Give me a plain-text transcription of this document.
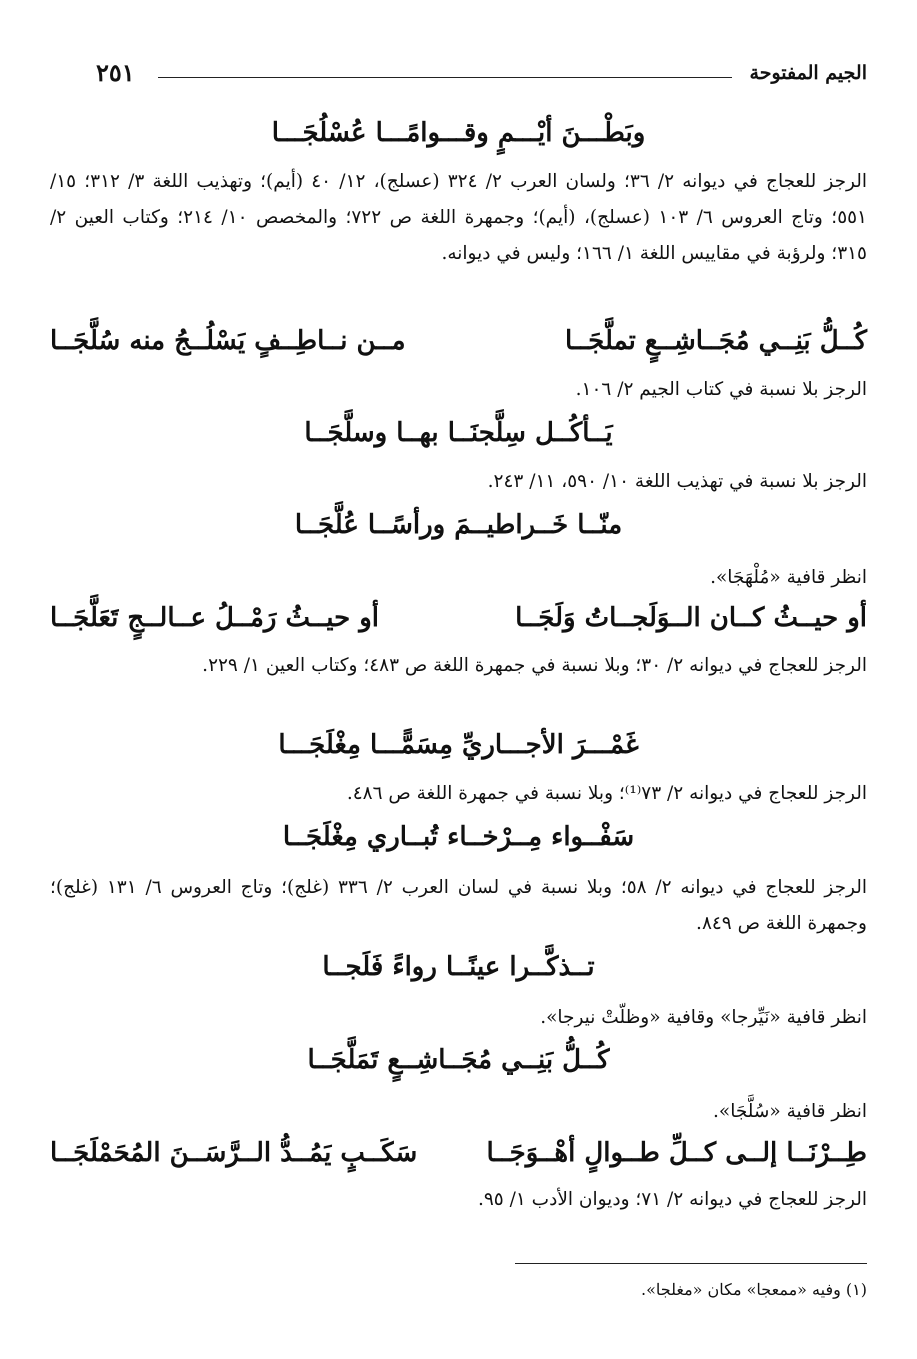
الجيم المفتوحة
٢٥١
وبَطْـــنَ أيْـــمٍ وقـــوامًـــا عُسْلُجَـــا
الرجز للعجاج في ديوانه ٢/ ٣٦؛ ولسان العرب ٢/ ٣٢٤ (عسلج)، ١٢/ ٤٠ (أيم)؛ وتهذيب اللغة ٣/ ٣١٢؛ ١٥/ ٥٥١؛ وتاج العروس ٦/ ١٠٣ (عسلج)، (أيم)؛ وجمهرة اللغة ص ٧٢٢؛ والمخصص ١٠/ ٢١٤؛ وكتاب العين ٢/ ٣١٥؛ ولرؤبة في مقاييس اللغة ١/ ١٦٦؛ وليس في ديوانه.
كُــلُّ بَنِــي مُجَــاشِــعٍ تملَّجَــا
مــن نــاطِــفٍ يَسْلُــجُ منه سُلَّجَــا
الرجز بلا نسبة في كتاب الجيم ٢/ ١٠٦.
يَــأكُــل سِلَّجنَــا بهــا وسلَّجَــا
الرجز بلا نسبة في تهذيب اللغة ١٠/ ٥٩٠، ١١/ ٢٤٣.
منّــا خَــراطيــمَ ورأسًــا عُلَّجَــا
انظر قافية «مُلْهَجَا».
أو حيــثُ كــان الــوَلَجــاتُ وَلَجَــا
أو حيــثُ رَمْــلُ عــالــجٍ تَعَلَّجَــا
الرجز للعجاج في ديوانه ٢/ ٣٠؛ وبلا نسبة في جمهرة اللغة ص ٤٨٣؛ وكتاب العين ١/ ٢٢٩.
غَمْـــرَ الأجـــاريِّ مِسَمًّـــا مِغْلَجَـــا
الرجز للعجاج في ديوانه ٢/ ٧٣⁽¹⁾؛ وبلا نسبة في جمهرة اللغة ص ٤٨٦.
سَفْــواء مِــرْخــاء تُبــاري مِغْلَجَــا
الرجز للعجاج في ديوانه ٢/ ٥٨؛ وبلا نسبة في لسان العرب ٢/ ٣٣٦ (غلج)؛ وتاج العروس ٦/ ١٣١ (غلج)؛ وجمهرة اللغة ص ٨٤٩.
تــذكَّــرا عينًــا رواءً فَلَجــا
انظر قافية «نَيِّرجا» وقافية «وظلّتْ نيرجا».
كُــلُّ بَنِــي مُجَــاشِــعٍ تَمَلَّجَــا
انظر قافية «سُلَّجَا».
طِــرْنَــا إلــى كــلِّ طــوالٍ أهْــوَجَــا
سَكَــبٍ يَمُــدُّ الــرَّسَــنَ المُحَمْلَجَــا
الرجز للعجاج في ديوانه ٢/ ٧١؛ وديوان الأدب ١/ ٩٥.
(١) وفيه «ممعجا» مكان «مغلجا».
